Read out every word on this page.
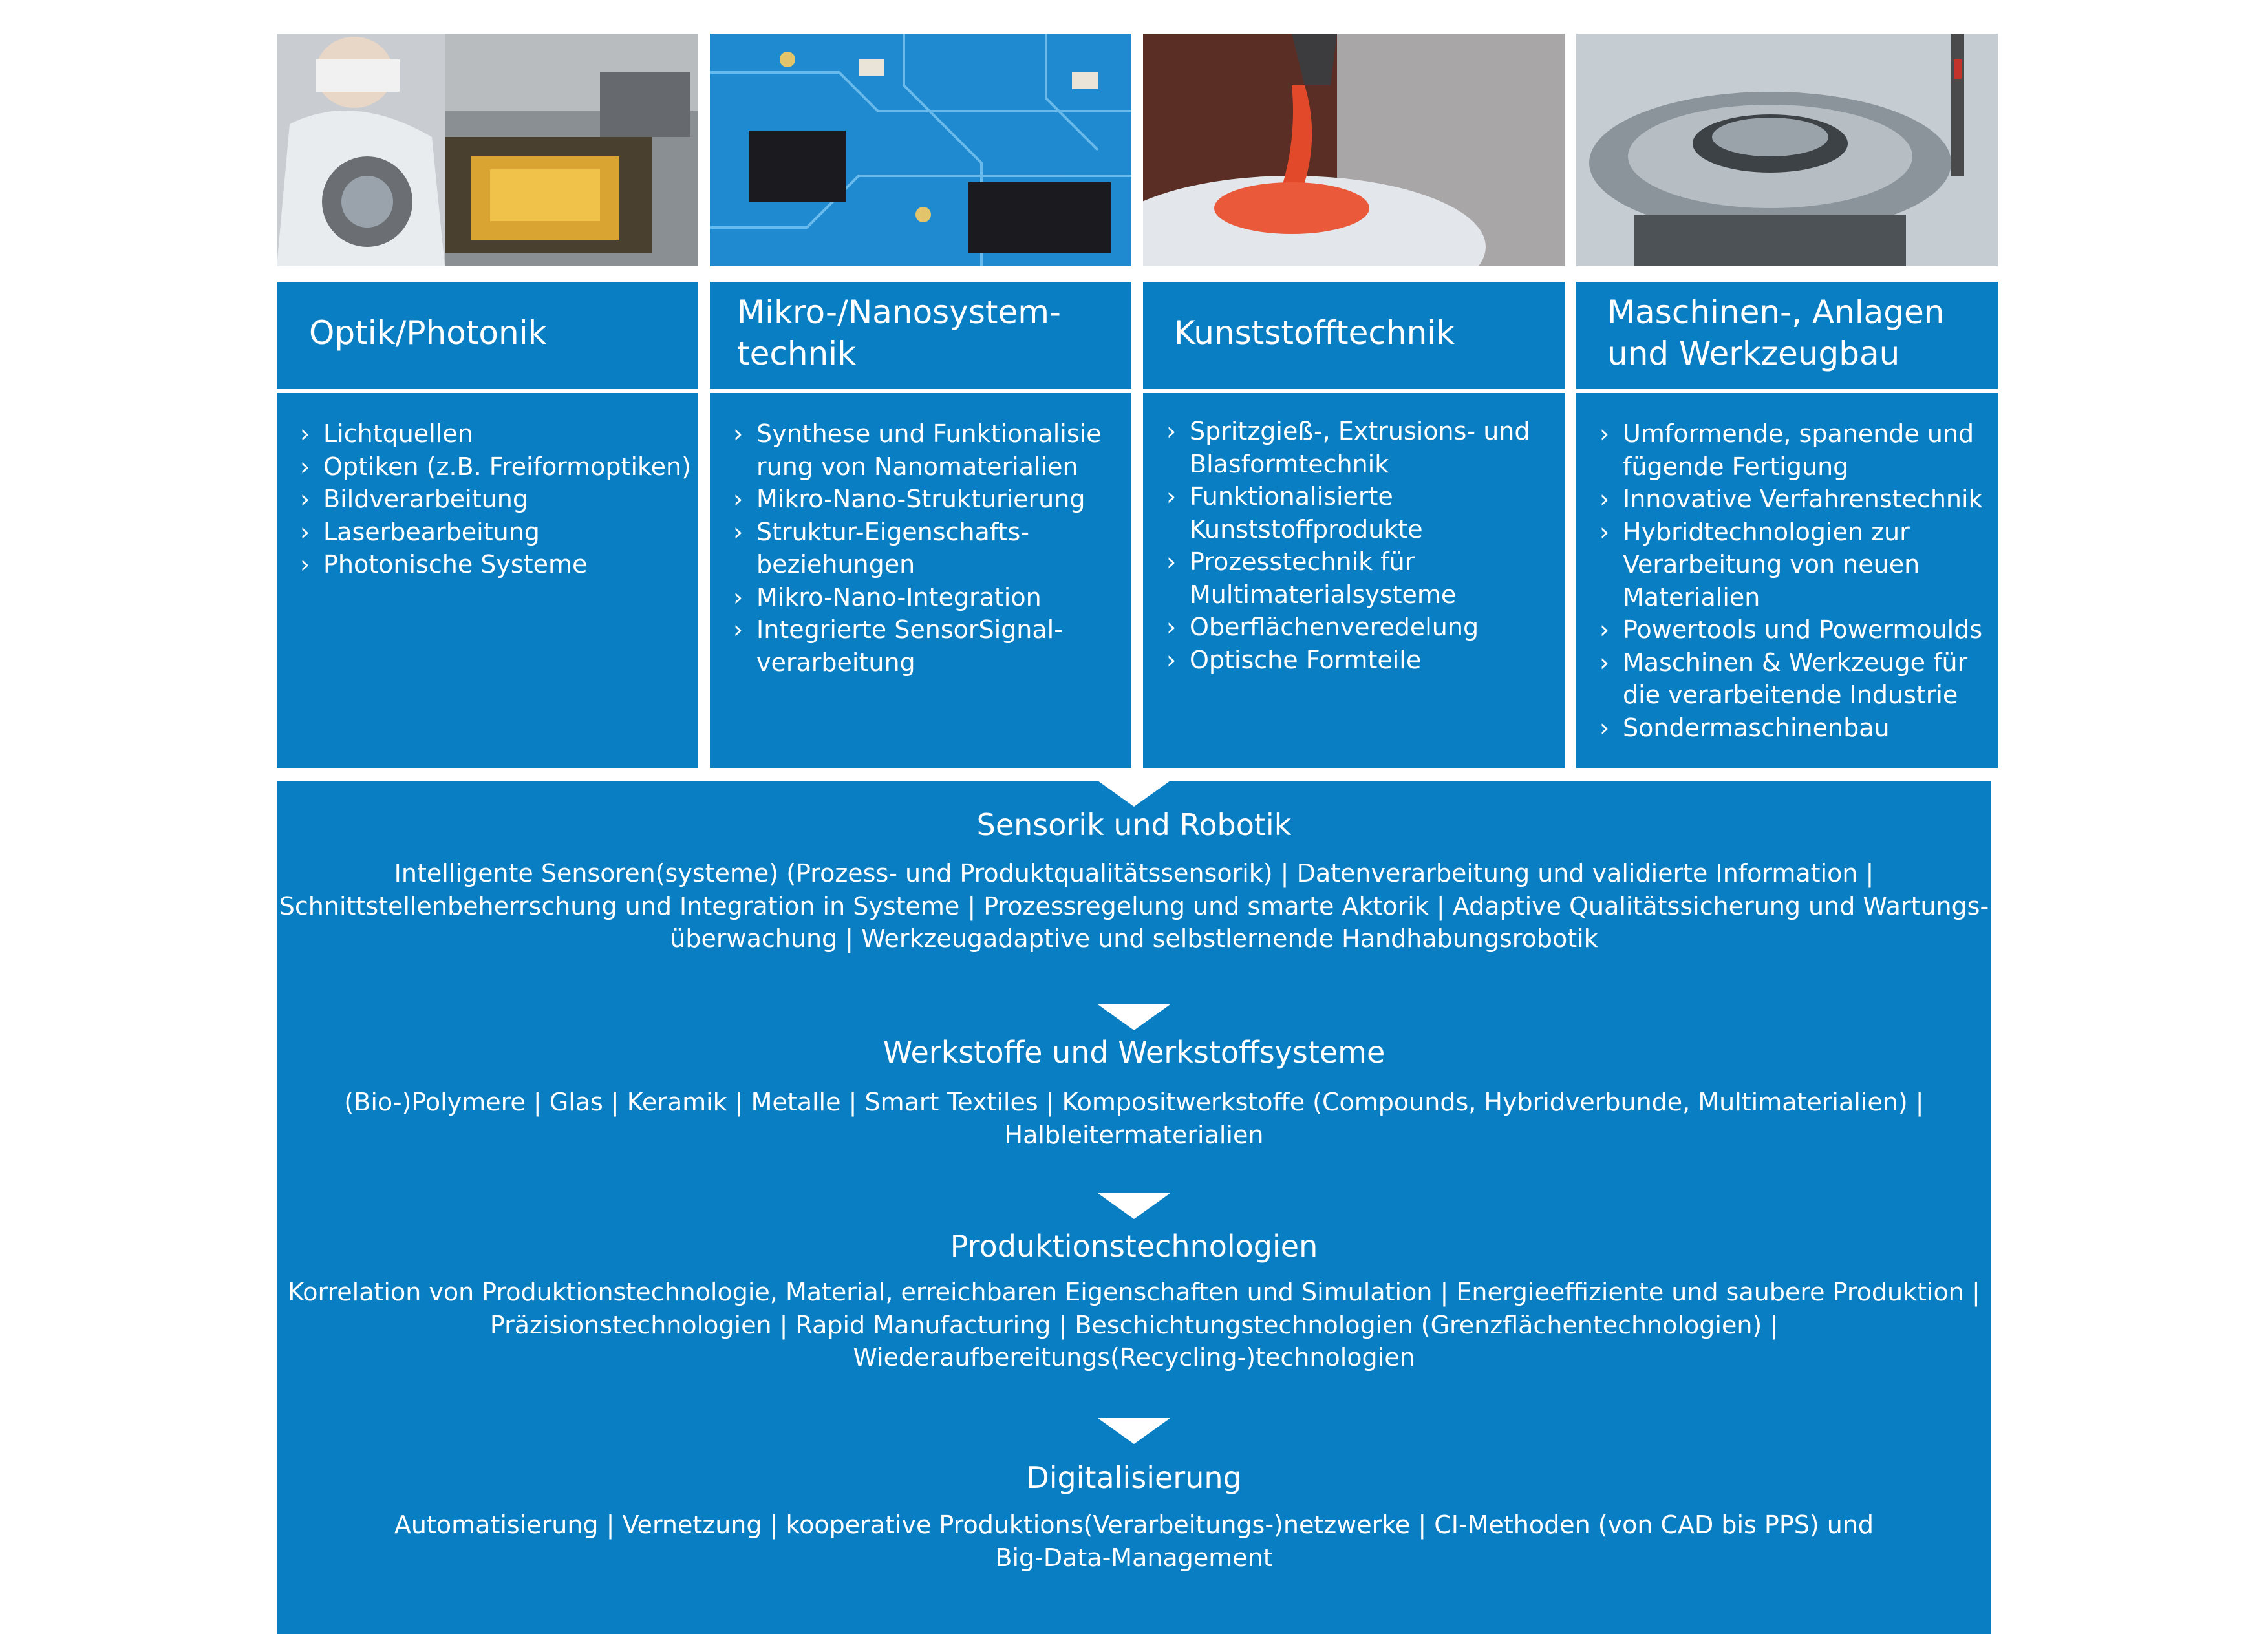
Optik/Photonik
› Lichtquellen
› Optiken (z.B. Freiformoptiken)
› Bildverarbeitung
› Laserbearbeitung
› Photonische Systeme
Mikro-/Nanosystem-
technik
› Synthese und Funktionalisie
rung von Nanomaterialien
› Mikro-Nano-Strukturierung
› Struktur-Eigenschafts-
beziehungen
› Mikro-Nano-Integration
› Integrierte SensorSignal-
verarbeitung
Kunststofftechnik
› Spritzgieß-, Extrusions- und
Blasformtechnik
› Funktionalisierte
Kunststoffprodukte
› Prozesstechnik für
Multimaterialsysteme
› Oberflächenveredelung
› Optische Formteile
Maschinen-, Anlagen
und Werkzeugbau
› Umformende, spanende und
fügende Fertigung
› Innovative Verfahrenstechnik
› Hybridtechnologien zur
Verarbeitung von neuen
Materialien
› Powertools und Powermoulds
› Maschinen & Werkzeuge für
die verarbeitende Industrie
› Sondermaschinenbau
Sensorik und Robotik
Intelligente Sensoren(systeme) (Prozess- und Produktqualitätssensorik) | Datenverarbeitung und validierte Information |
Schnittstellenbeherrschung und Integration in Systeme | Prozessregelung und smarte Aktorik | Adaptive Qualitätssicherung und Wartungs-
überwachung | Werkzeugadaptive und selbstlernende Handhabungsrobotik
Werkstoffe und Werkstoffsysteme
(Bio-)Polymere | Glas | Keramik | Metalle | Smart Textiles | Kompositwerkstoffe (Compounds, Hybridverbunde, Multimaterialien) |
Halbleitermaterialien
Produktionstechnologien
Korrelation von Produktionstechnologie, Material, erreichbaren Eigenschaften und Simulation | Energieeffiziente und saubere Produktion |
Präzisionstechnologien | Rapid Manufacturing | Beschichtungstechnologien (Grenzflächentechnologien) |
Wiederaufbereitungs(Recycling-)technologien
Digitalisierung
Automatisierung | Vernetzung | kooperative Produktions(Verarbeitungs-)netzwerke | CI-Methoden (von CAD bis PPS) und
Big-Data-Management
